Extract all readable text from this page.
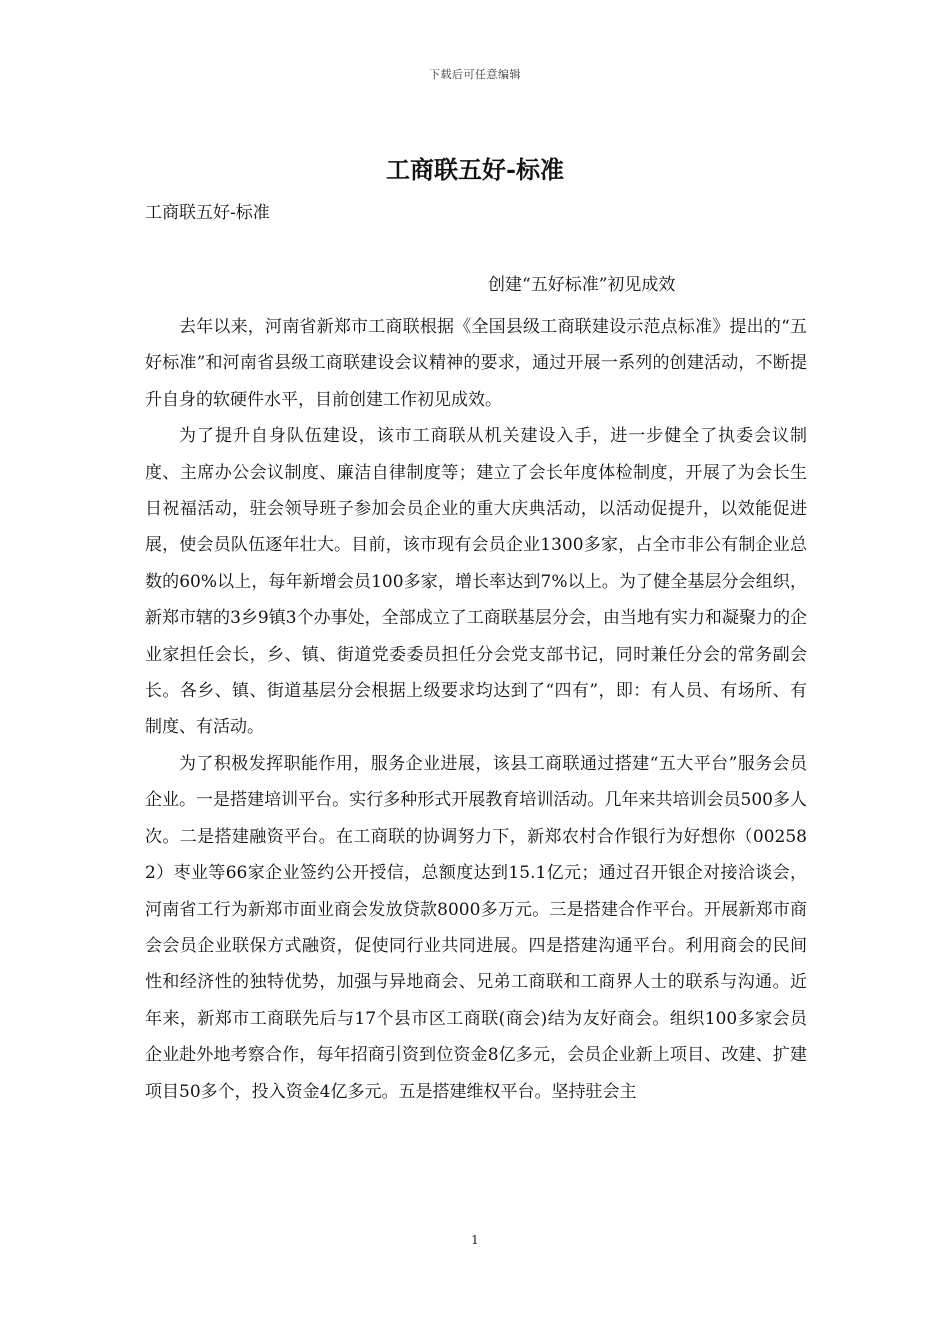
下载后可任意编辑
工商联五好-标准
工商联五好-标准
创建“五好标准”初见成效

去年以来，河南省新郑市工商联根据《全国县级工商联建设示范点标准》提出的“五好标准”和河南省县级工商联建设会议精神的要求，通过开展一系列的创建活动，不断提升自身的软硬件水平，目前创建工作初见成效。

为了提升自身队伍建设，该市工商联从机关建设入手，进一步健全了执委会议制度、主席办公会议制度、廉洁自律制度等；建立了会长年度体检制度，开展了为会长生日祝福活动，驻会领导班子参加会员企业的重大庆典活动，以活动促提升，以效能促进展，使会员队伍逐年壮大。目前，该市现有会员企业1300多家，占全市非公有制企业总数的60%以上，每年新增会员100多家，增长率达到7%以上。为了健全基层分会组织，新郑市辖的3乡9镇3个办事处，全部成立了工商联基层分会，由当地有实力和凝聚力的企业家担任会长，乡、镇、街道党委委员担任分会党支部书记，同时兼任分会的常务副会长。各乡、镇、街道基层分会根据上级要求均达到了“四有”，即：有人员、有场所、有制度、有活动。

为了积极发挥职能作用，服务企业进展，该县工商联通过搭建“五大平台”服务会员企业。一是搭建培训平台。实行多种形式开展教育培训活动。几年来共培训会员500多人次。二是搭建融资平台。在工商联的协调努力下，新郑农村合作银行为好想你（002582）枣业等66家企业签约公开授信，总额度达到15.1亿元；通过召开银企对接洽谈会，河南省工行为新郑市面业商会发放贷款8000多万元。三是搭建合作平台。开展新郑市商会会员企业联保方式融资，促使同行业共同进展。四是搭建沟通平台。利用商会的民间性和经济性的独特优势，加强与异地商会、兄弟工商联和工商界人士的联系与沟通。近年来，新郑市工商联先后与17个县市区工商联(商会)结为友好商会。组织100多家会员企业赴外地考察合作，每年招商引资到位资金8亿多元，会员企业新上项目、改建、扩建项目50多个，投入资金4亿多元。五是搭建维权平台。坚持驻会主

1
